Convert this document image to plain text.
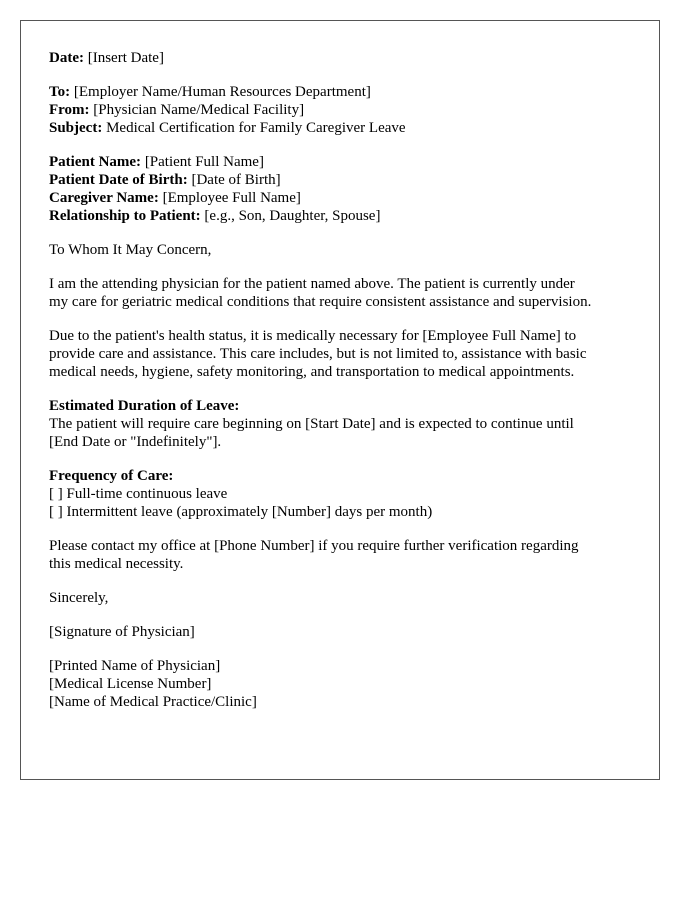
Date: [Insert Date]
To: [Employer Name/Human Resources Department]
From: [Physician Name/Medical Facility]
Subject: Medical Certification for Family Caregiver Leave
Patient Name: [Patient Full Name]
Patient Date of Birth: [Date of Birth]
Caregiver Name: [Employee Full Name]
Relationship to Patient: [e.g., Son, Daughter, Spouse]
To Whom It May Concern,
I am the attending physician for the patient named above. The patient is currently under
my care for geriatric medical conditions that require consistent assistance and supervision.
Due to the patient's health status, it is medically necessary for [Employee Full Name] to
provide care and assistance. This care includes, but is not limited to, assistance with basic
medical needs, hygiene, safety monitoring, and transportation to medical appointments.
Estimated Duration of Leave:
The patient will require care beginning on [Start Date] and is expected to continue until
[End Date or "Indefinitely"].
Frequency of Care:
[ ] Full-time continuous leave
[ ] Intermittent leave (approximately [Number] days per month)
Please contact my office at [Phone Number] if you require further verification regarding
this medical necessity.
Sincerely,
[Signature of Physician]
[Printed Name of Physician]
[Medical License Number]
[Name of Medical Practice/Clinic]
